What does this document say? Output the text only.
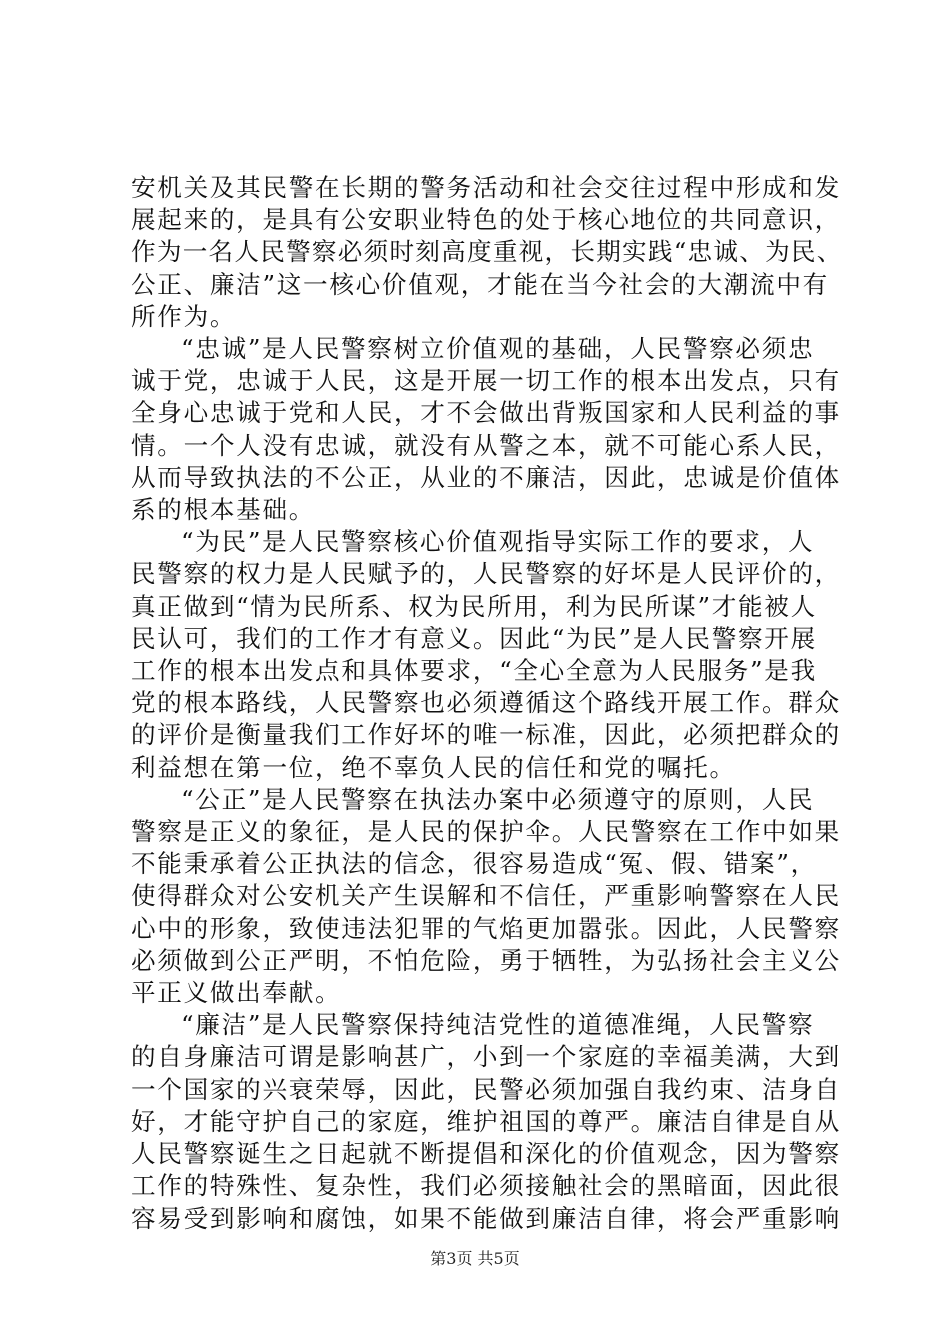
安机关及其民警在长期的警务活动和社会交往过程中形成和发
展起来的，是具有公安职业特色的处于核心地位的共同意识，
作为一名人民警察必须时刻高度重视，长期实践“忠诚、为民、
公正、廉洁”这一核心价值观，才能在当今社会的大潮流中有
所作为。
“忠诚”是人民警察树立价值观的基础，人民警察必须忠
诚于党，忠诚于人民，这是开展一切工作的根本出发点，只有
全身心忠诚于党和人民，才不会做出背叛国家和人民利益的事
情。一个人没有忠诚，就没有从警之本，就不可能心系人民，
从而导致执法的不公正，从业的不廉洁，因此，忠诚是价值体
系的根本基础。
“为民”是人民警察核心价值观指导实际工作的要求，人
民警察的权力是人民赋予的，人民警察的好坏是人民评价的，
真正做到“情为民所系、权为民所用，利为民所谋”才能被人
民认可，我们的工作才有意义。因此“为民”是人民警察开展
工作的根本出发点和具体要求，“全心全意为人民服务”是我
党的根本路线，人民警察也必须遵循这个路线开展工作。群众
的评价是衡量我们工作好坏的唯一标准，因此，必须把群众的
利益想在第一位，绝不辜负人民的信任和党的嘱托。
“公正”是人民警察在执法办案中必须遵守的原则，人民
警察是正义的象征，是人民的保护伞。人民警察在工作中如果
不能秉承着公正执法的信念，很容易造成“冤、假、错案”，
使得群众对公安机关产生误解和不信任，严重影响警察在人民
心中的形象，致使违法犯罪的气焰更加嚣张。因此，人民警察
必须做到公正严明，不怕危险，勇于牺牲，为弘扬社会主义公
平正义做出奉献。
“廉洁”是人民警察保持纯洁党性的道德准绳，人民警察
的自身廉洁可谓是影响甚广，小到一个家庭的幸福美满，大到
一个国家的兴衰荣辱，因此，民警必须加强自我约束、洁身自
好，才能守护自己的家庭，维护祖国的尊严。廉洁自律是自从
人民警察诞生之日起就不断提倡和深化的价值观念，因为警察
工作的特殊性、复杂性，我们必须接触社会的黑暗面，因此很
容易受到影响和腐蚀，如果不能做到廉洁自律，将会严重影响
第3页 共5页
